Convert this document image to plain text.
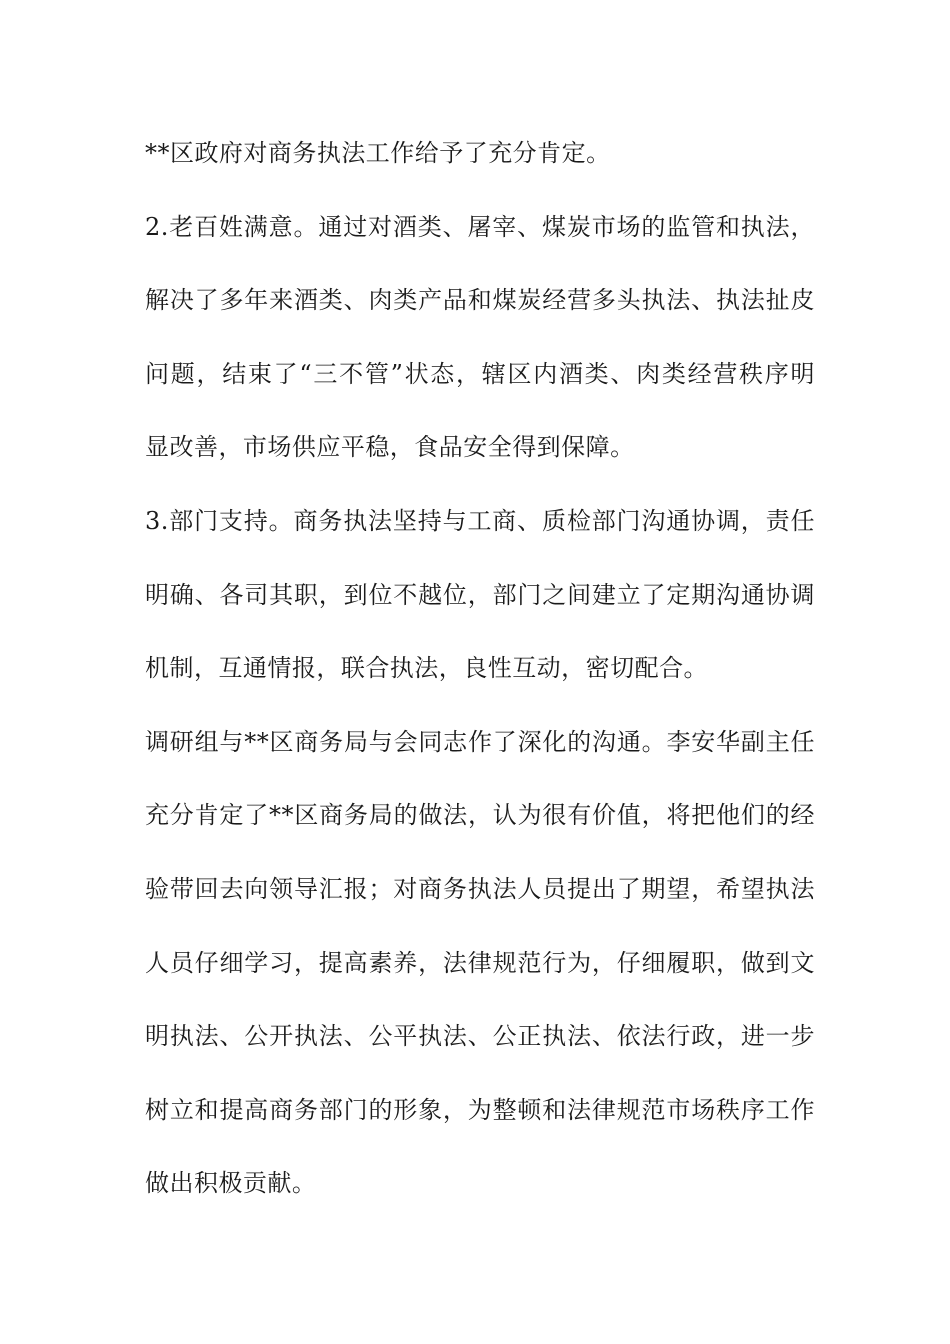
**区政府对商务执法工作给予了充分肯定。
2.老百姓满意。通过对酒类、屠宰、煤炭市场的监管和执法，
解决了多年来酒类、肉类产品和煤炭经营多头执法、执法扯皮
问题，结束了“三不管”状态，辖区内酒类、肉类经营秩序明
显改善，市场供应平稳，食品安全得到保障。
3.部门支持。商务执法坚持与工商、质检部门沟通协调，责任
明确、各司其职，到位不越位，部门之间建立了定期沟通协调
机制，互通情报，联合执法，良性互动，密切配合。
调研组与**区商务局与会同志作了深化的沟通。李安华副主任
充分肯定了**区商务局的做法，认为很有价值，将把他们的经
验带回去向领导汇报；对商务执法人员提出了期望，希望执法
人员仔细学习，提高素养，法律规范行为，仔细履职，做到文
明执法、公开执法、公平执法、公正执法、依法行政，进一步
树立和提高商务部门的形象，为整顿和法律规范市场秩序工作
做出积极贡献。
